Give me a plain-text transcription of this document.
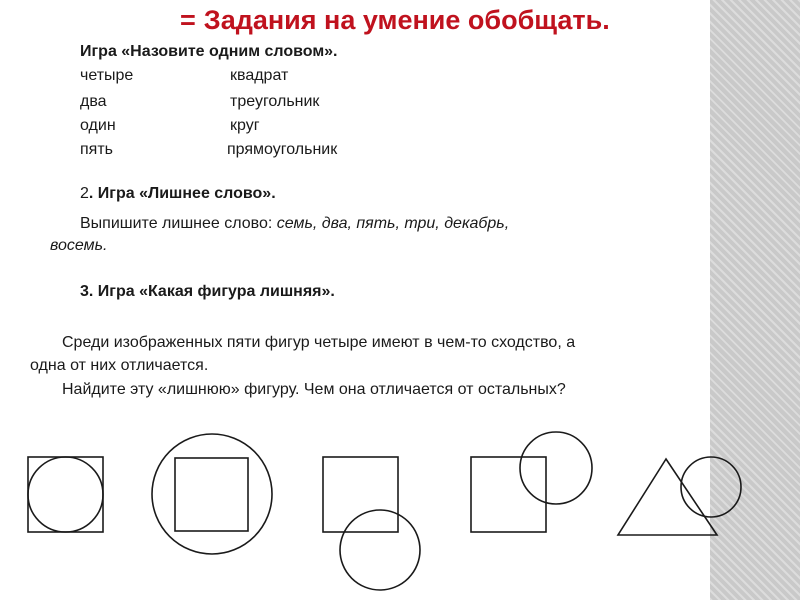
= Задания на умение обобщать.
Игра «Назовите одним словом».
четыре	квадрат
два	треугольник
один	круг
пять	прямоугольник
2. Игра «Лишнее слово».
Выпишите лишнее слово: семь, два, пять, три, декабрь,
восемь.
3. Игра «Какая фигура лишняя».
Среди изображенных пяти фигур четыре имеют в чем-то сходство, а
одна от них отличается.
Найдите эту «лишнюю» фигуру. Чем она отличается от остальных?
